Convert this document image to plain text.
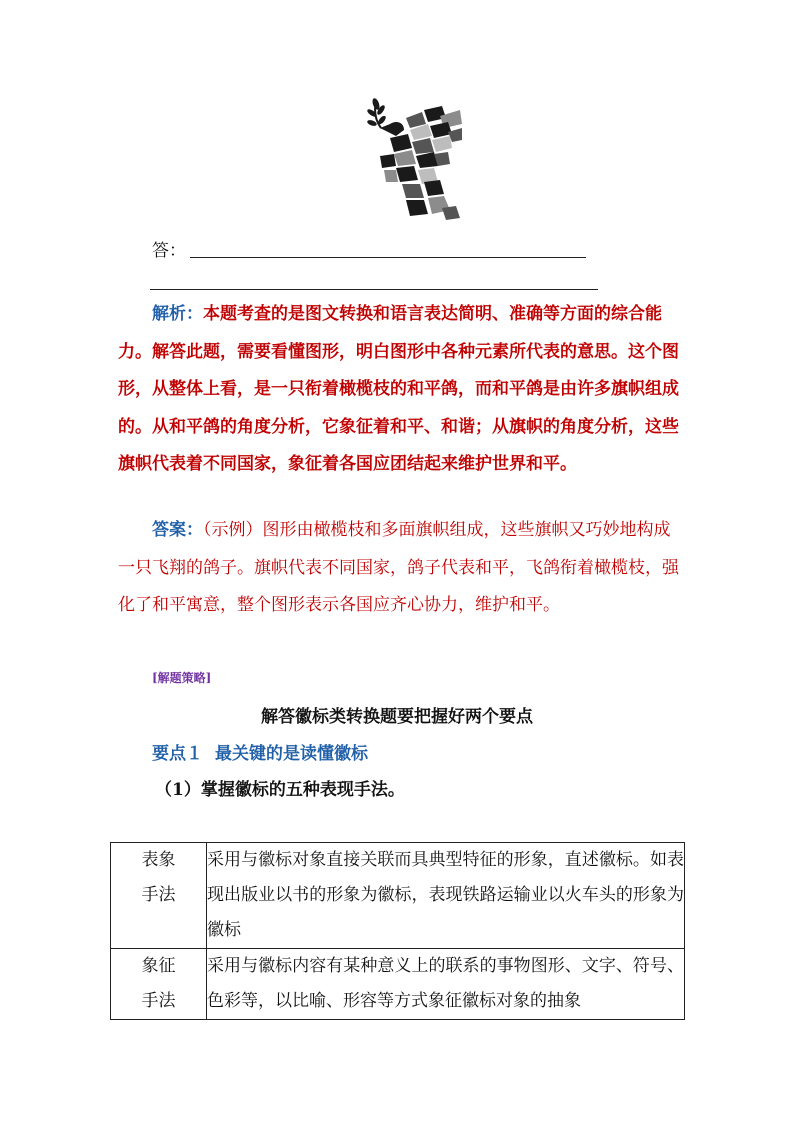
答：
解析：本题考查的是图文转换和语言表达简明、准确等方面的综合能力。解答此题，需要看懂图形，明白图形中各种元素所代表的意思。这个图形，从整体上看，是一只衔着橄榄枝的和平鸽，而和平鸽是由许多旗帜组成的。从和平鸽的角度分析，它象征着和平、和谐；从旗帜的角度分析，这些旗帜代表着不同国家，象征着各国应团结起来维护世界和平。
答案：（示例）图形由橄榄枝和多面旗帜组成，这些旗帜又巧妙地构成一只飞翔的鸽子。旗帜代表不同国家，鸽子代表和平，飞鸽衔着橄榄枝，强化了和平寓意，整个图形表示各国应齐心协力，维护和平。
[解题策略]
解答徽标类转换题要把握好两个要点
要点１ 最关键的是读懂徽标
（1）掌握徽标的五种表现手法。
表象
手法	采用与徽标对象直接关联而具典型特征的形象，直述徽标。如表现出版业以书的形象为徽标，表现铁路运输业以火车头的形象为徽标

象征
手法	采用与徽标内容有某种意义上的联系的事物图形、文字、符号、色彩等，以比喻、形容等方式象征徽标对象的抽象
